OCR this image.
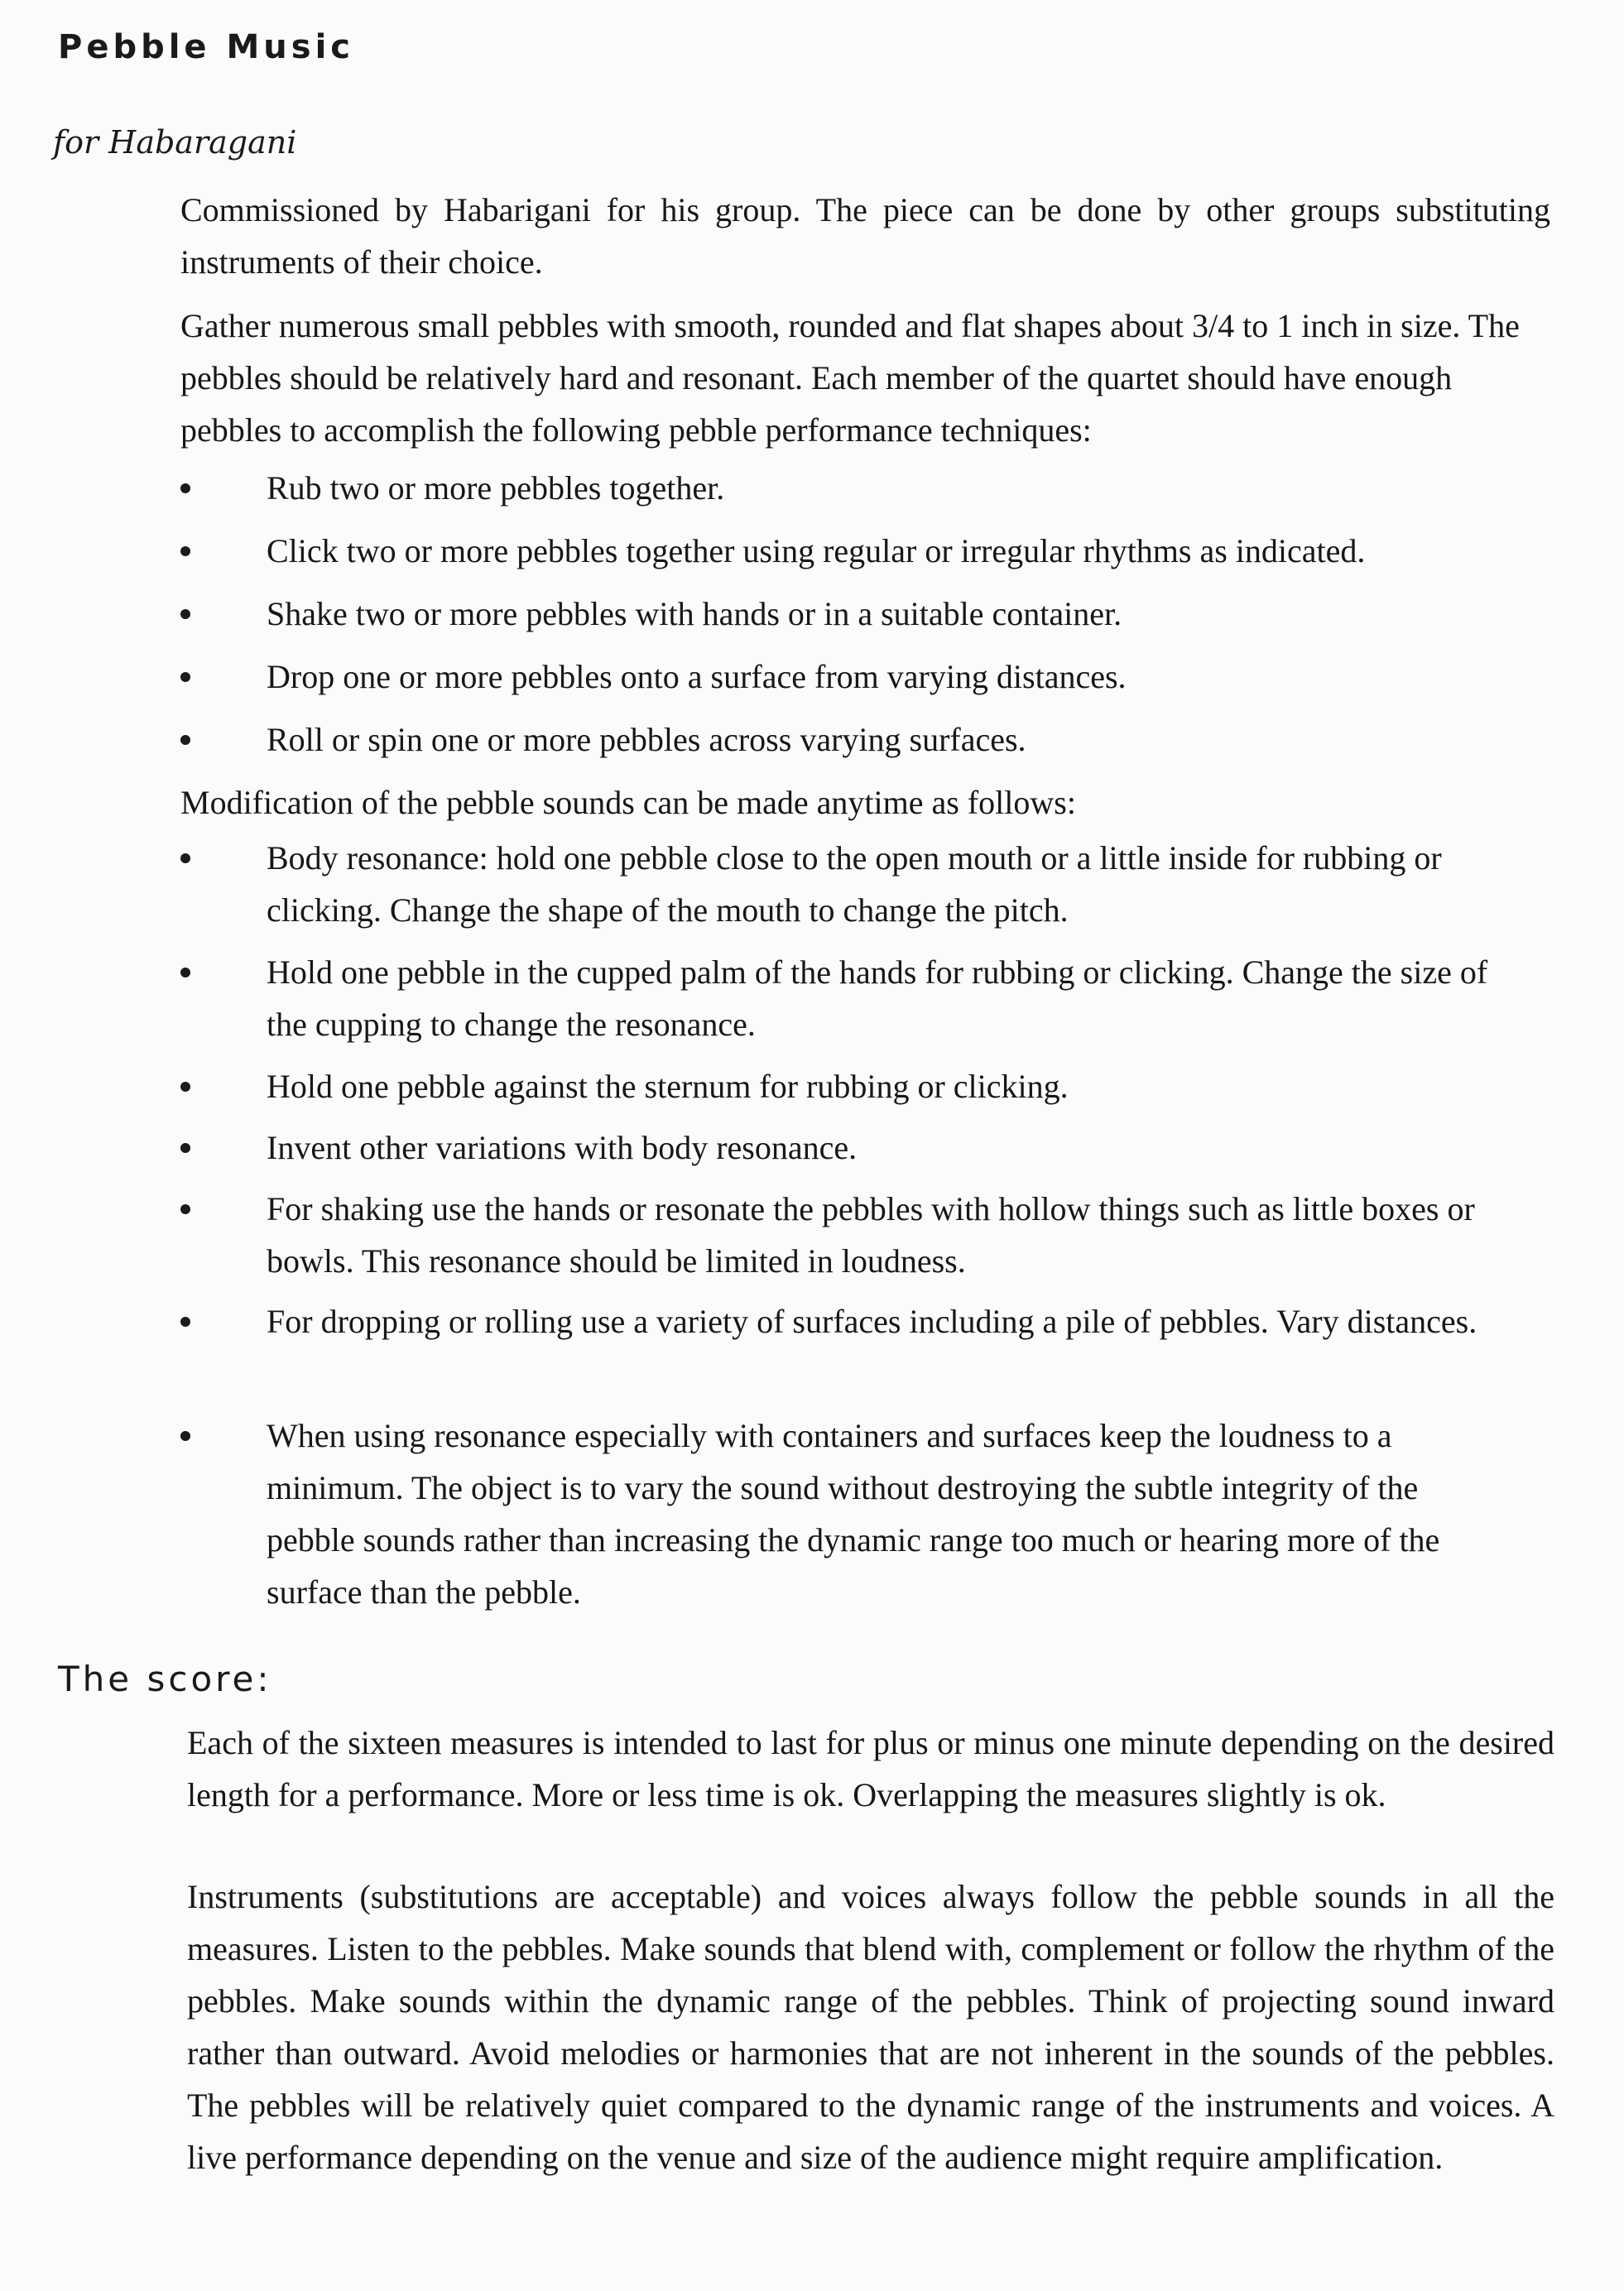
Pebble Music

for Habaragani

Commissioned by Habarigani for his group. The piece can be done by other groups substituting instruments of their choice.

Gather numerous small pebbles with smooth, rounded and flat shapes about 3/4 to 1 inch in size. The pebbles should be relatively hard and resonant. Each member of the quartet should have enough pebbles to accomplish the following pebble performance techniques:

Rub two or more pebbles together.
Click two or more pebbles together using regular or irregular rhythms as indicated.
Shake two or more pebbles with hands or in a suitable container.
Drop one or more pebbles onto a surface from varying distances.
Roll or spin one or more pebbles across varying surfaces.

Modification of the pebble sounds can be made anytime as follows:

Body resonance: hold one pebble close to the open mouth or a little inside for rubbing or clicking. Change the shape of the mouth to change the pitch.
Hold one pebble in the cupped palm of the hands for rubbing or clicking. Change the size of the cupping to change the resonance.
Hold one pebble against the sternum for rubbing or clicking.
Invent other variations with body resonance.
For shaking use the hands or resonate the pebbles with hollow things such as little boxes or bowls. This resonance should be limited in loudness.
For dropping or rolling use a variety of surfaces including a pile of pebbles. Vary distances.
When using resonance especially with containers and surfaces keep the loudness to a minimum. The object is to vary the sound without destroying the subtle integrity of the pebble sounds rather than increasing the dynamic range too much or hearing more of the surface than the pebble.
The score:

Each of the sixteen measures is intended to last for plus or minus one minute depending on the desired length for a performance. More or less time is ok. Overlapping the measures slightly is ok.

Instruments (substitutions are acceptable) and voices always follow the pebble sounds in all the measures. Listen to the pebbles. Make sounds that blend with, complement or follow the rhythm of the pebbles. Make sounds within the dynamic range of the pebbles. Think of projecting sound inward rather than outward. Avoid melodies or harmonies that are not inherent in the sounds of the pebbles. The pebbles will be relatively quiet compared to the dynamic range of the instruments and voices. A live performance depending on the venue and size of the audience might require amplification.
